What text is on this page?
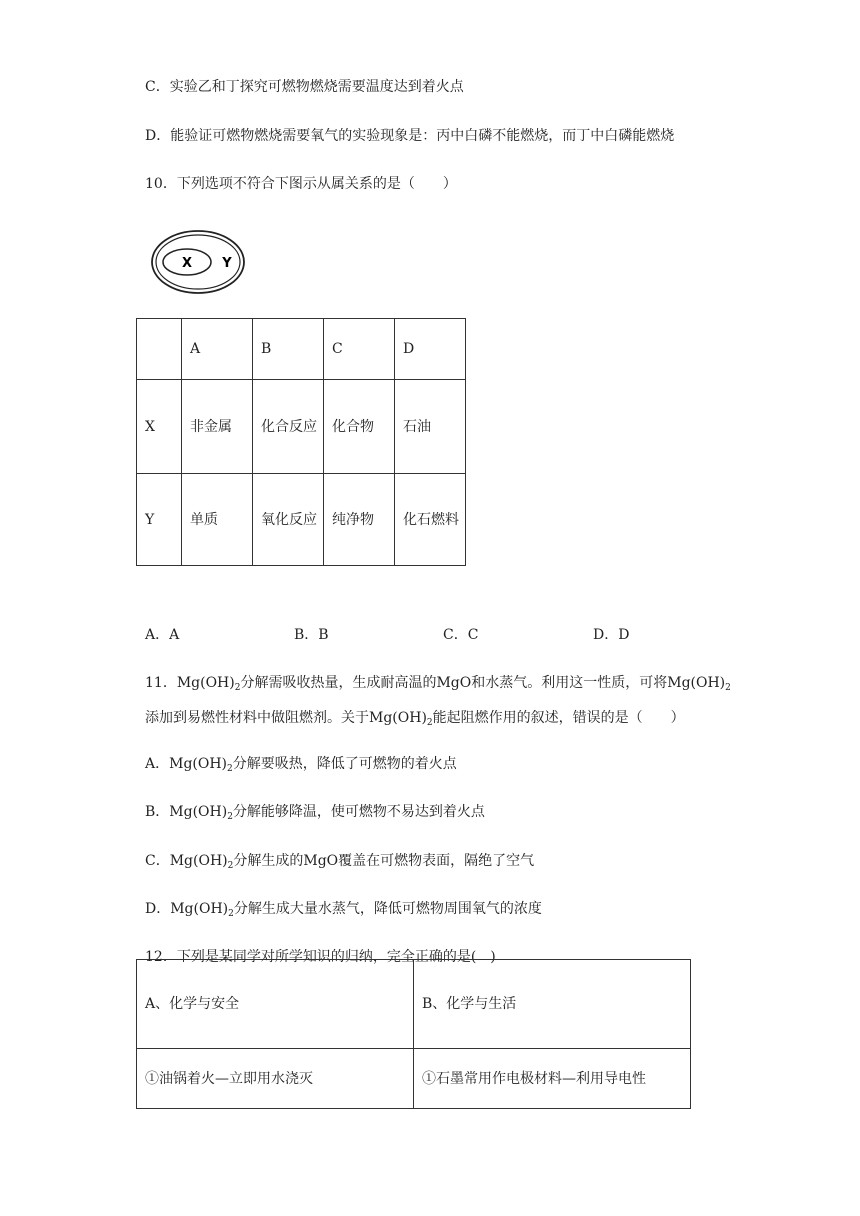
C．实验乙和丁探究可燃物燃烧需要温度达到着火点
D．能验证可燃物燃烧需要氧气的实验现象是：丙中白磷不能燃烧，而丁中白磷能燃烧
10．下列选项不符合下图示从属关系的是（　　）
X Y
	A	B	C	D
X	非金属	化合反应	化合物	石油
Y	单质	氧化反应	纯净物	化石燃料
A．A	B．B	C．C	D．D
11．$Mg(OH)_2$分解需吸收热量，生成耐高温的MgO和水蒸气。利用这一性质，可将$Mg(OH)_2$
添加到易燃性材料中做阻燃剂。关于$Mg(OH)_2$能起阻燃作用的叙述，错误的是（　　）
A．$Mg(OH)_2$分解要吸热，降低了可燃物的着火点
B．$Mg(OH)_2$分解能够降温，使可燃物不易达到着火点
C．$Mg(OH)_2$分解生成的MgO覆盖在可燃物表面，隔绝了空气
D．$Mg(OH)_2$分解生成大量水蒸气，降低可燃物周围氧气的浓度
12．下列是某同学对所学知识的归纳，完全正确的是(　)
A、化学与安全	B、化学与生活
①油锅着火—立即用水浇灭	①石墨常用作电极材料—利用导电性
